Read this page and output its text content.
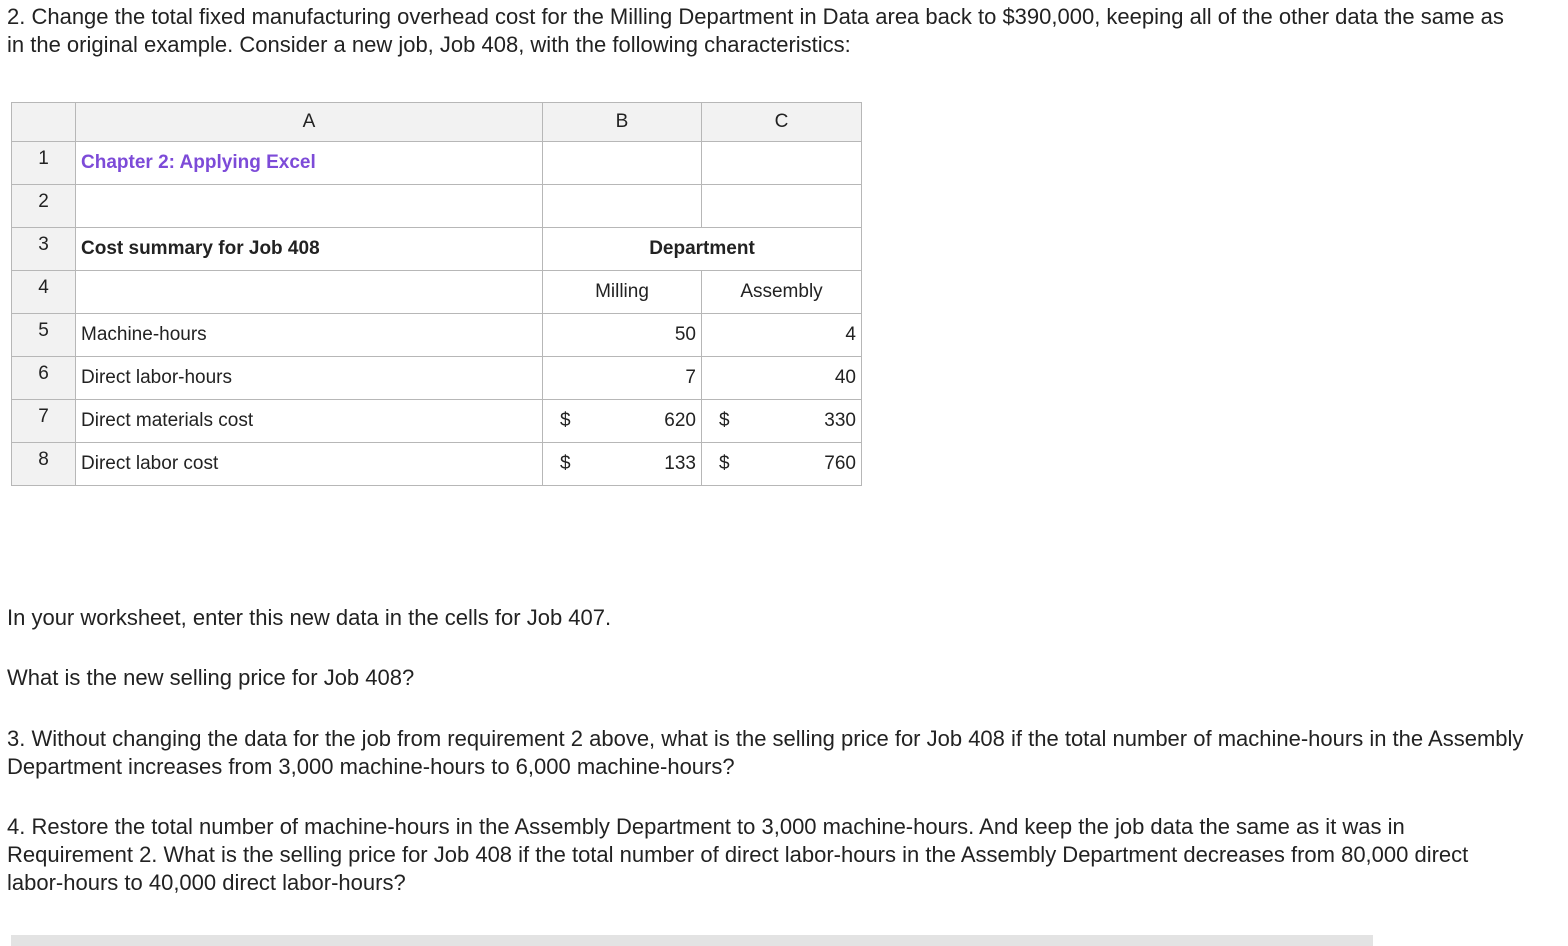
2. Change the total fixed manufacturing overhead cost for the Milling Department in Data area back to $390,000, keeping all of the other data the same as in the original example. Consider a new job, Job 408, with the following characteristics:

	A	B	C
1	Chapter 2: Applying Excel		
2			
3	Cost summary for Job 408	Department	
4		Milling	Assembly
5	Machine-hours	50	4
6	Direct labor-hours	7	40
7	Direct materials cost	$ 620	$ 330

8	Direct labor cost	$ 133	$ 760

In your worksheet, enter this new data in the cells for Job 407.

What is the new selling price for Job 408?

3. Without changing the data for the job from requirement 2 above, what is the selling price for Job 408 if the total number of machine-hours in the Assembly Department increases from 3,000 machine-hours to 6,000 machine-hours?

4. Restore the total number of machine-hours in the Assembly Department to 3,000 machine-hours. And keep the job data the same as it was in Requirement 2. What is the selling price for Job 408 if the total number of direct labor-hours in the Assembly Department decreases from 80,000 direct labor-hours to 40,000 direct labor-hours?
